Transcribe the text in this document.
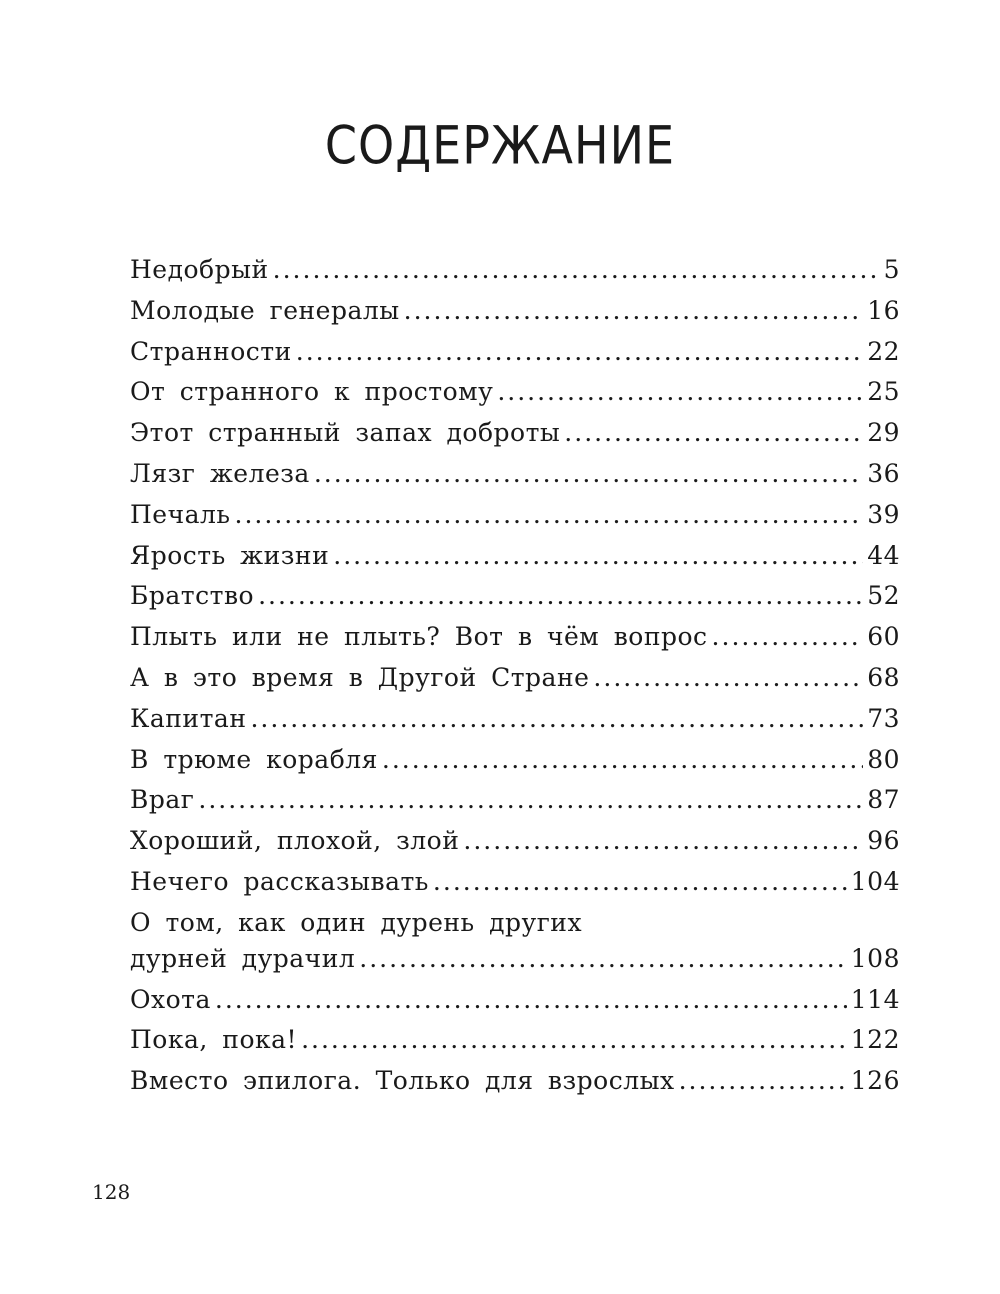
СОДЕРЖАНИЕ
Недобрый .....	5
Молодые генералы .....	16
Странности .....	22
От странного к простому .....	25
Этот странный запах доброты .....	29
Лязг железа .....	36
Печаль .....	39
Ярость жизни .....	44
Братство .....	52
Плыть или не плыть? Вот в чём вопрос .....	60
А в это время в Другой Стране .....	68
Капитан .....	73
В трюме корабля .....	80
Враг .....	87
Хороший, плохой, злой .....	96
Нечего рассказывать .....	104
О том, как один дурень других
дурней дурачил .....	108
Охота .....	114
Пока, пока! .....	122
Вместо эпилога. Только для взрослых .....	126
128
